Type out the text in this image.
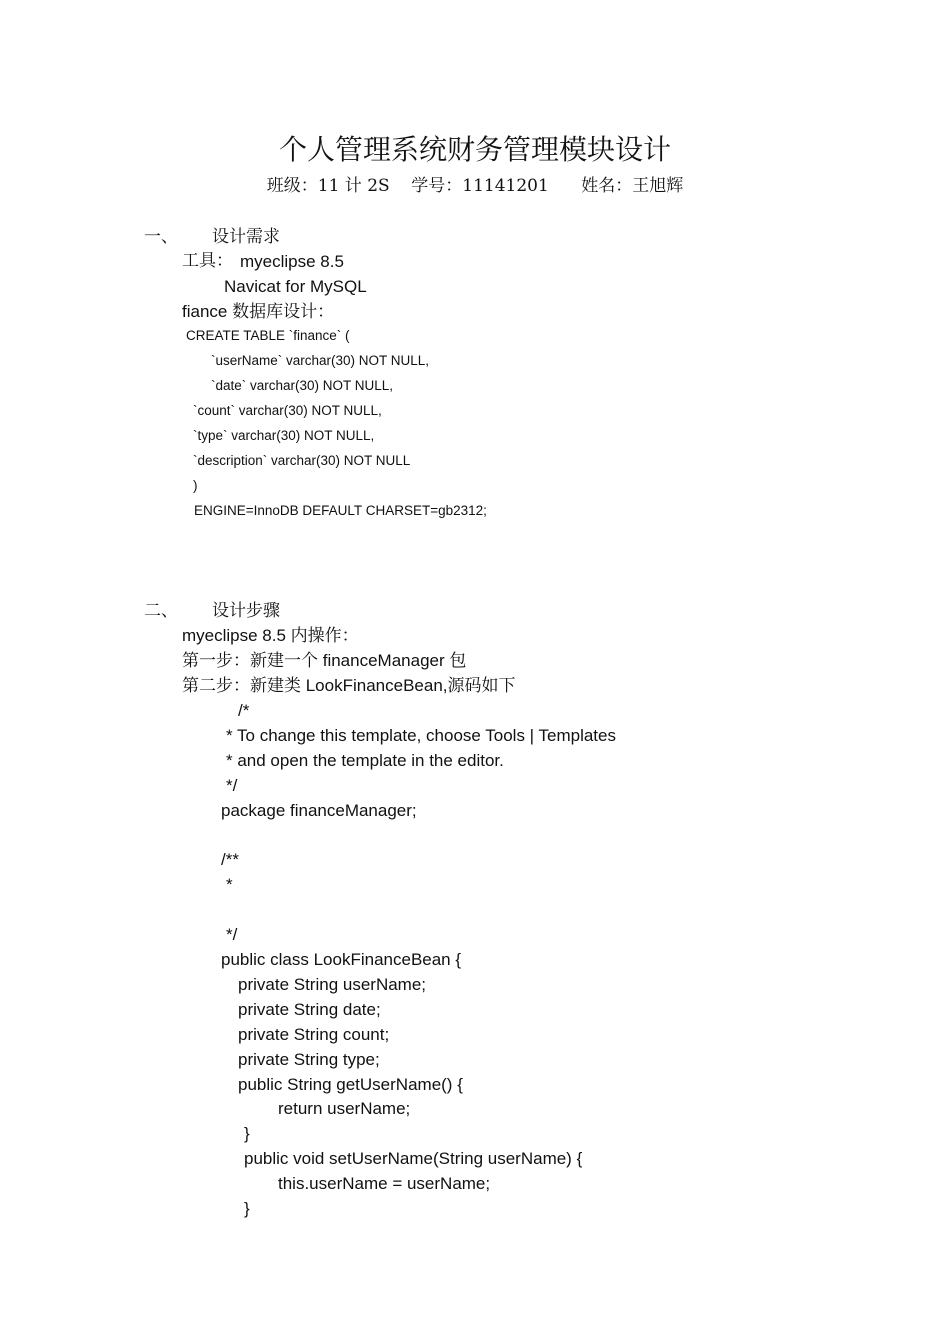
个人管理系统财务管理模块设计
班级：11 计 2S    学号：11141201      姓名：王旭辉
一、 设计需求
工具： myeclipse 8.5
Navicat for MySQL
fiance 数据库设计：
CREATE TABLE `finance` (
`userName` varchar(30) NOT NULL,
`date` varchar(30) NOT NULL,
`count` varchar(30) NOT NULL,
`type` varchar(30) NOT NULL,
`description` varchar(30) NOT NULL
)
ENGINE=InnoDB DEFAULT CHARSET=gb2312;
二、 设计步骤
myeclipse 8.5 内操作：
第一步：新建一个 financeManager 包
第二步：新建类 LookFinanceBean,源码如下
/*
* To change this template, choose Tools | Templates
* and open the template in the editor.
*/
package financeManager;
/**
*
*/
public class LookFinanceBean {
private String userName;
private String date;
private String count;
private String type;
public String getUserName() {
return userName;
}
public void setUserName(String userName) {
this.userName = userName;
}
